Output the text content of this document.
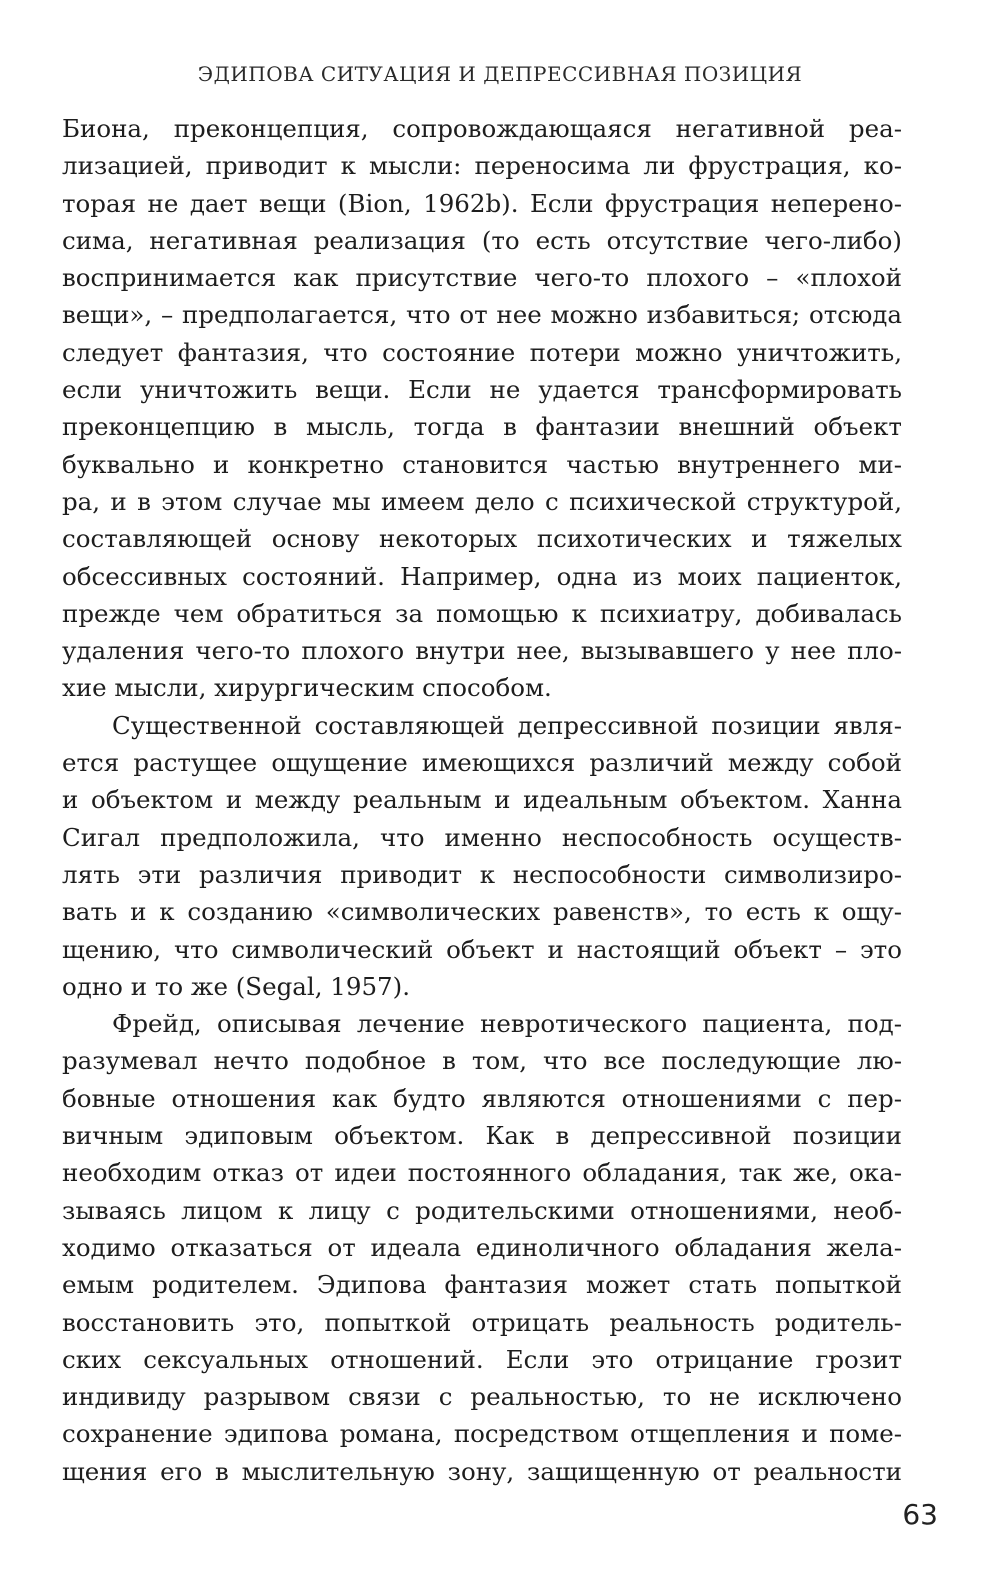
ЭДИПОВА СИТУАЦИЯ И ДЕПРЕССИВНАЯ ПОЗИЦИЯ
Биона, преконцепция, сопровождающаяся негативной реа-
лизацией, приводит к мысли: переносима ли фрустрация, ко-
торая не дает вещи (Bion, 1962b). Если фрустрация неперено-
сима, негативная реализация (то есть отсутствие чего-либо)
воспринимается как присутствие чего-то плохого – «плохой
вещи», – предполагается, что от нее можно избавиться; отсюда
следует фантазия, что состояние потери можно уничтожить,
если уничтожить вещи. Если не удается трансформировать
преконцепцию в мысль, тогда в фантазии внешний объект
буквально и конкретно становится частью внутреннего ми-
ра, и в этом случае мы имеем дело с психической структурой,
составляющей основу некоторых психотических и тяжелых
обсессивных состояний. Например, одна из моих пациенток,
прежде чем обратиться за помощью к психиатру, добивалась
удаления чего-то плохого внутри нее, вызывавшего у нее пло-
хие мысли, хирургическим способом.
Существенной составляющей депрессивной позиции явля-
ется растущее ощущение имеющихся различий между собой
и объектом и между реальным и идеальным объектом. Ханна
Сигал предположила, что именно неспособность осуществ-
лять эти различия приводит к неспособности символизиро-
вать и к созданию «символических равенств», то есть к ощу-
щению, что символический объект и настоящий объект – это
одно и то же (Segal, 1957).
Фрейд, описывая лечение невротического пациента, под-
разумевал нечто подобное в том, что все последующие лю-
бовные отношения как будто являются отношениями с пер-
вичным эдиповым объектом. Как в депрессивной позиции
необходим отказ от идеи постоянного обладания, так же, ока-
зываясь лицом к лицу с родительскими отношениями, необ-
ходимо отказаться от идеала единоличного обладания жела-
емым родителем. Эдипова фантазия может стать попыткой
восстановить это, попыткой отрицать реальность родитель-
ских сексуальных отношений. Если это отрицание грозит
индивиду разрывом связи с реальностью, то не исключено
сохранение эдипова романа, посредством отщепления и поме-
щения его в мыслительную зону, защищенную от реальности
63
